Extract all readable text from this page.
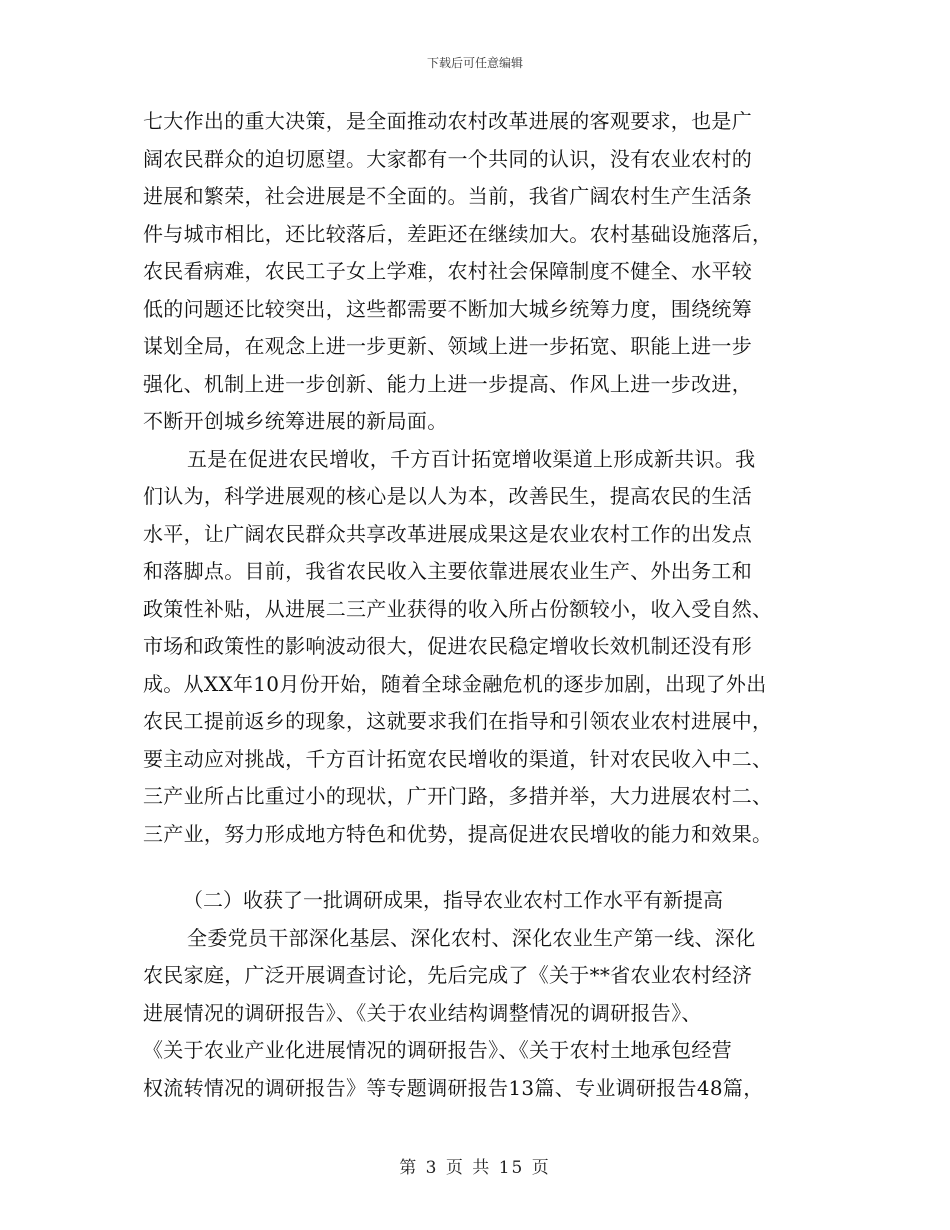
下载后可任意编辑

七大作出的重大决策，是全面推动农村改革进展的客观要求，也是广
阔农民群众的迫切愿望。大家都有一个共同的认识，没有农业农村的
进展和繁荣，社会进展是不全面的。当前，我省广阔农村生产生活条
件与城市相比，还比较落后，差距还在继续加大。农村基础设施落后，
农民看病难，农民工子女上学难，农村社会保障制度不健全、水平较
低的问题还比较突出，这些都需要不断加大城乡统筹力度，围绕统筹
谋划全局，在观念上进一步更新、领域上进一步拓宽、职能上进一步
强化、机制上进一步创新、能力上进一步提高、作风上进一步改进，
不断开创城乡统筹进展的新局面。

五是在促进农民增收，千方百计拓宽增收渠道上形成新共识。我
们认为，科学进展观的核心是以人为本，改善民生，提高农民的生活
水平，让广阔农民群众共享改革进展成果这是农业农村工作的出发点
和落脚点。目前，我省农民收入主要依靠进展农业生产、外出务工和
政策性补贴，从进展二三产业获得的收入所占份额较小，收入受自然、
市场和政策性的影响波动很大，促进农民稳定增收长效机制还没有形
成。从XX年10月份开始，随着全球金融危机的逐步加剧，出现了外出
农民工提前返乡的现象，这就要求我们在指导和引领农业农村进展中，
要主动应对挑战，千方百计拓宽农民增收的渠道，针对农民收入中二、
三产业所占比重过小的现状，广开门路，多措并举，大力进展农村二、
三产业，努力形成地方特色和优势，提高促进农民增收的能力和效果。

（二）收获了一批调研成果，指导农业农村工作水平有新提高

全委党员干部深化基层、深化农村、深化农业生产第一线、深化
农民家庭，广泛开展调查讨论，先后完成了《关于**省农业农村经济
进展情况的调研报告》、《关于农业结构调整情况的调研报告》、
《关于农业产业化进展情况的调研报告》、《关于农村土地承包经营
权流转情况的调研报告》等专题调研报告13篇、专业调研报告48篇，

第 3 页 共 15 页
